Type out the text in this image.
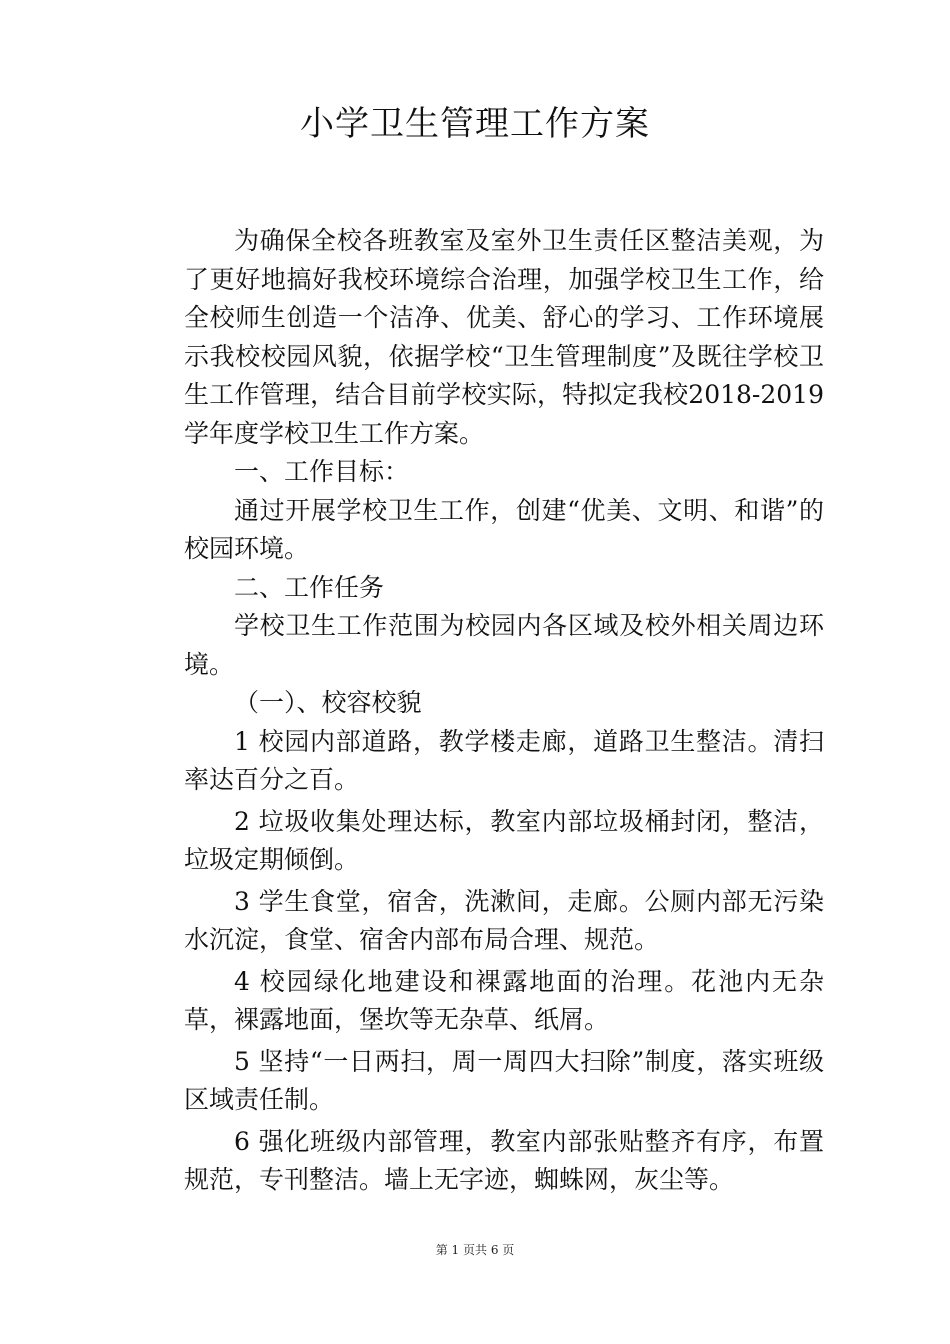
小学卫生管理工作方案

为确保全校各班教室及室外卫生责任区整洁美观，为了更好地搞好我校环境综合治理，加强学校卫生工作，给全校师生创造一个洁净、优美、舒心的学习、工作环境展示我校校园风貌，依据学校“卫生管理制度”及既往学校卫生工作管理，结合目前学校实际，特拟定我校2018-2019学年度学校卫生工作方案。

一、工作目标：

通过开展学校卫生工作，创建“优美、文明、和谐”的校园环境。

二、工作任务

学校卫生工作范围为校园内各区域及校外相关周边环境。

（一）、校容校貌

1 校园内部道路，教学楼走廊，道路卫生整洁。清扫率达百分之百。

2 垃圾收集处理达标，教室内部垃圾桶封闭，整洁，垃圾定期倾倒。

3 学生食堂，宿舍，洗漱间，走廊。公厕内部无污染水沉淀，食堂、宿舍内部布局合理、规范。

4 校园绿化地建设和裸露地面的治理。花池内无杂草，裸露地面，堡坎等无杂草、纸屑。

5 坚持“一日两扫，周一周四大扫除”制度，落实班级区域责任制。

6 强化班级内部管理，教室内部张贴整齐有序，布置规范，专刊整洁。墙上无字迹，蜘蛛网，灰尘等。

第 1 页共 6 页
